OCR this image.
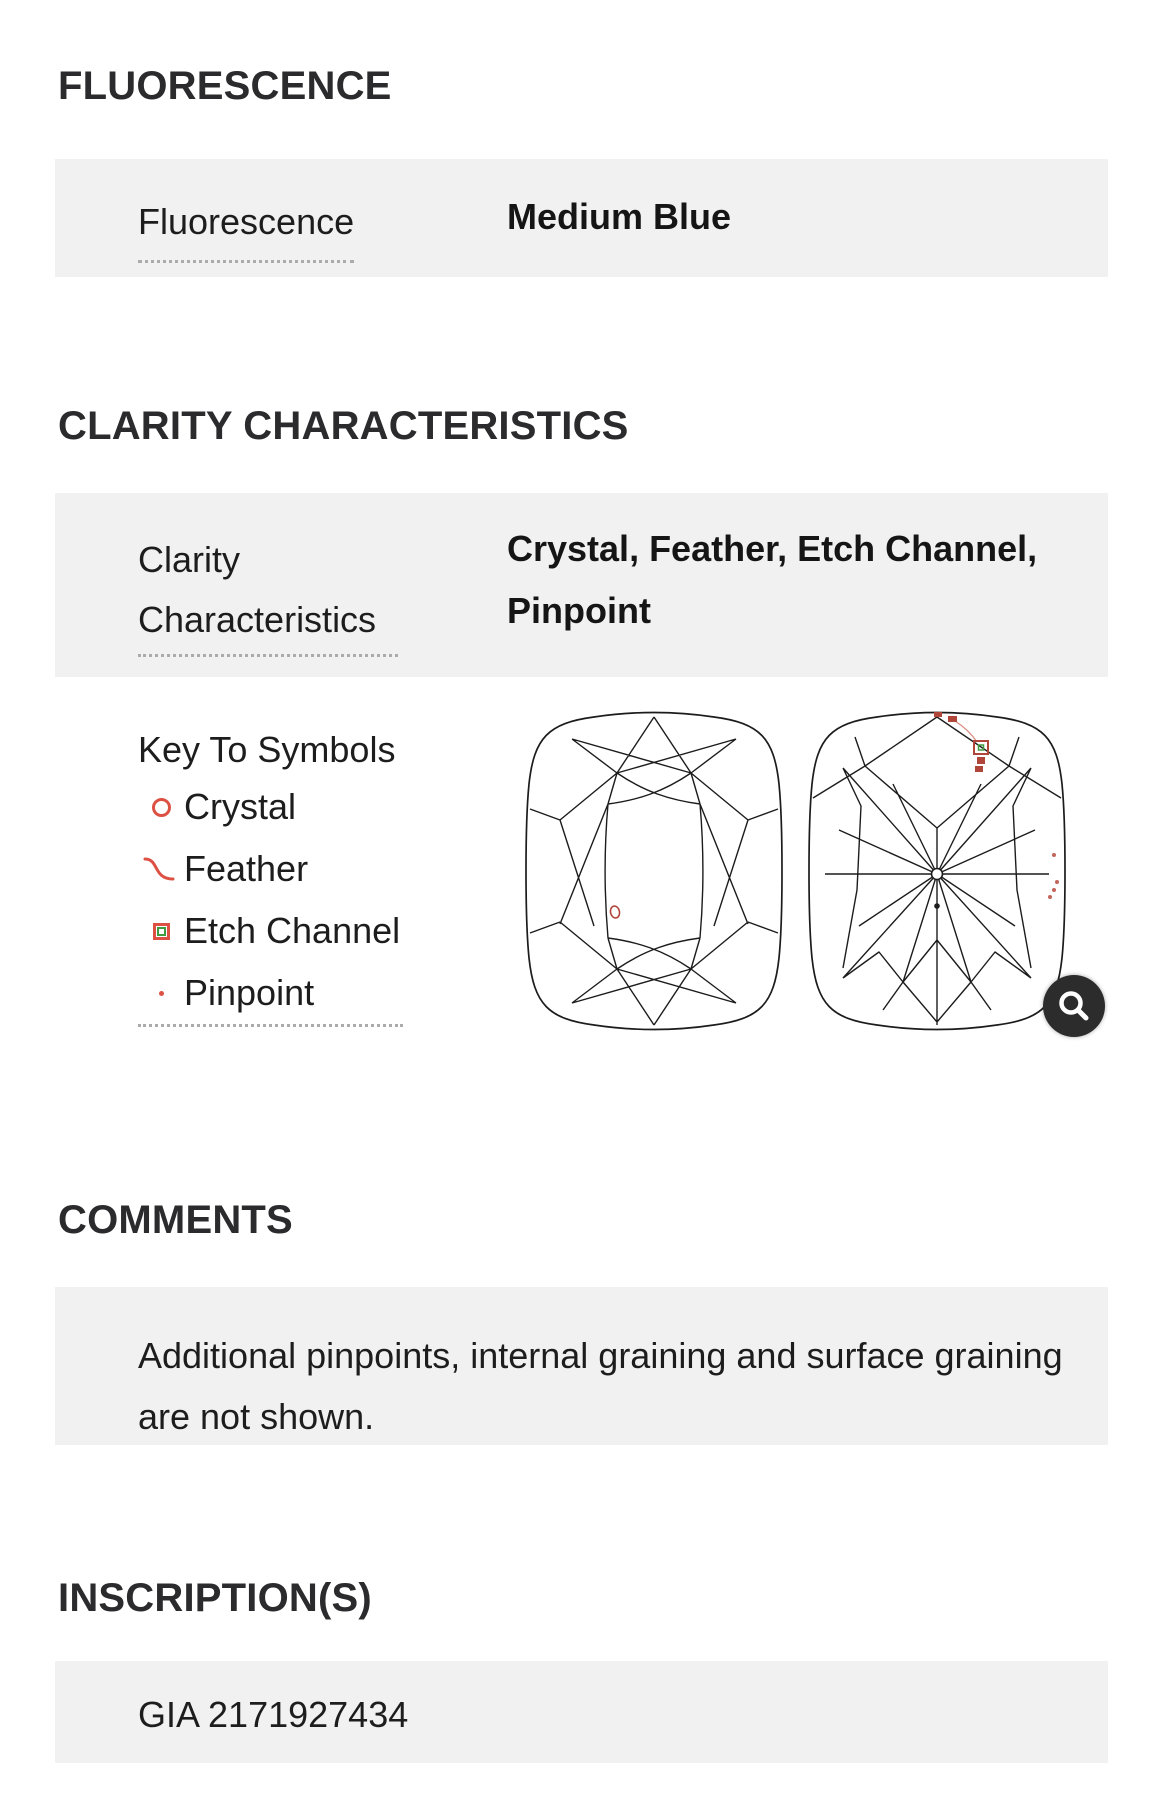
FLUORESCENCE
Fluorescence	Medium Blue
CLARITY CHARACTERISTICS
Clarity Characteristics
Crystal, Feather, Etch Channel, Pinpoint
Key To Symbols
Crystal
Feather
Etch Channel
Pinpoint
COMMENTS
Additional pinpoints, internal graining and surface graining are not shown.
INSCRIPTION(S)
GIA 2171927434
